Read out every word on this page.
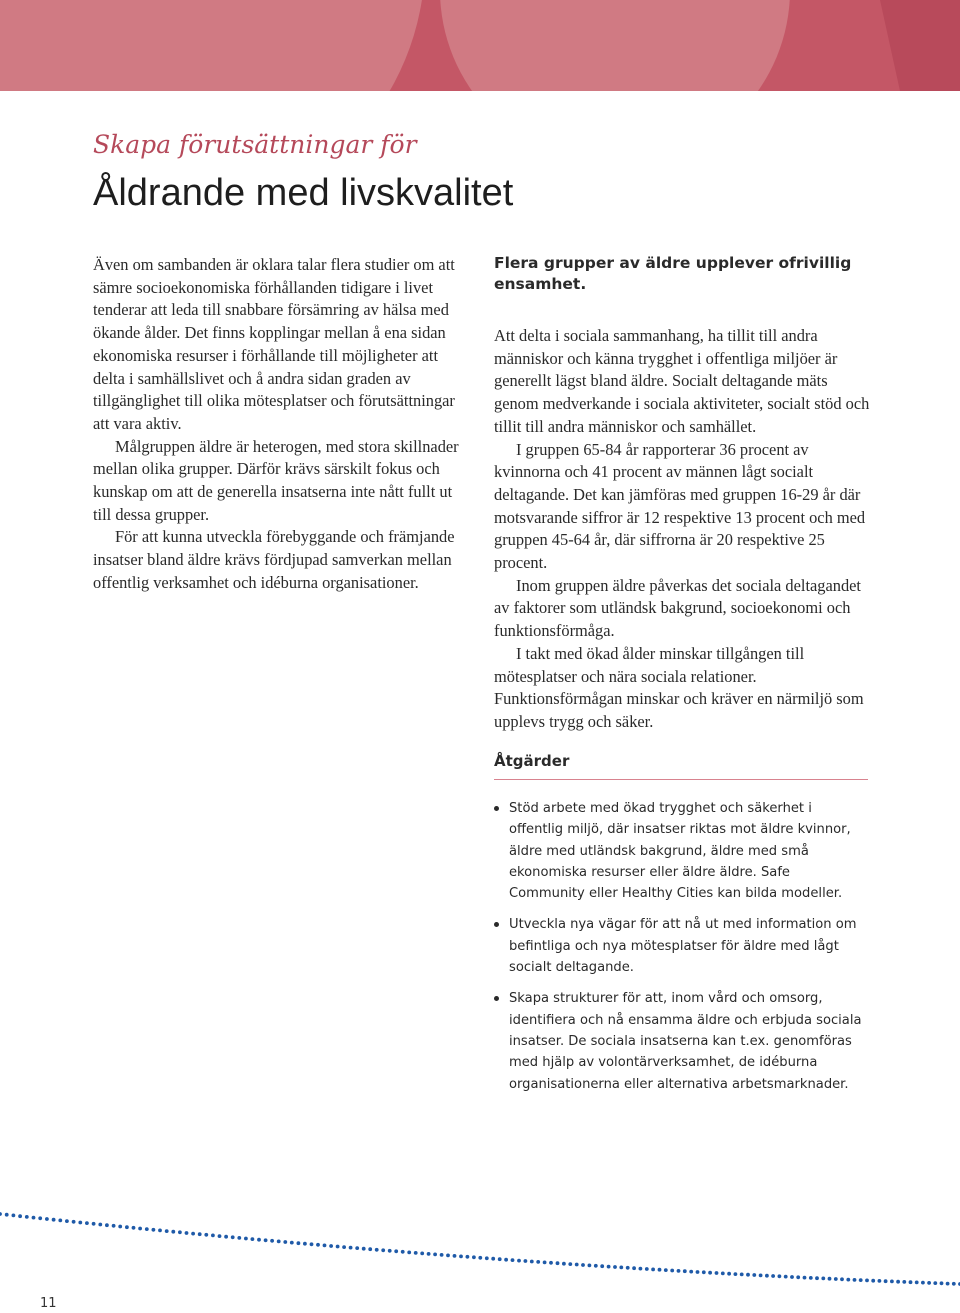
Skapa förutsättningar för

Åldrande med livskvalitet

Även om sambanden är oklara talar flera studier om att sämre socioekonomiska förhållanden tidigare i livet tenderar att leda till snabbare försämring av hälsa med ökande ålder. Det finns kopplingar mellan å ena sidan ekonomiska resurser i förhållande till möjligheter att delta i samhällslivet och å andra sidan graden av tillgänglighet till olika mötesplatser och förutsättningar att vara aktiv.

Målgruppen äldre är heterogen, med stora skillnader mellan olika grupper. Därför krävs särskilt fokus och kunskap om att de generella insatserna inte nått fullt ut till dessa grupper.

För att kunna utveckla förebyggande och främjande insatser bland äldre krävs fördjupad samverkan mellan offentlig verksamhet och idéburna organisationer.

Flera grupper av äldre upplever ofrivillig ensamhet.

Att delta i sociala sammanhang, ha tillit till andra människor och känna trygghet i offentliga miljöer är generellt lägst bland äldre. Socialt deltagande mäts genom medverkande i sociala aktiviteter, socialt stöd och tillit till andra människor och samhället.

I gruppen 65-84 år rapporterar 36 procent av kvinnorna och 41 procent av männen lågt socialt deltagande. Det kan jämföras med gruppen 16-29 år där motsvarande siffror är 12 respektive 13 procent och med gruppen 45-64 år, där siffrorna är 20 respektive 25 procent.

Inom gruppen äldre påverkas det sociala deltagandet av faktorer som utländsk bakgrund, socioekonomi och funktionsförmåga.

I takt med ökad ålder minskar tillgången till mötesplatser och nära sociala relationer. Funktionsförmågan minskar och kräver en närmiljö som upplevs trygg och säker.

Åtgärder
Stöd arbete med ökad trygghet och säkerhet i offentlig miljö, där insatser riktas mot äldre kvinnor, äldre med utländsk bakgrund, äldre med små ekonomiska resurser eller äldre äldre. Safe Community eller Healthy Cities kan bilda modeller.
Utveckla nya vägar för att nå ut med information om befintliga och nya mötesplatser för äldre med lågt socialt deltagande.
Skapa strukturer för att, inom vård och omsorg, identifiera och nå ensamma äldre och erbjuda sociala insatser. De sociala insatserna kan t.ex. genomföras med hjälp av volontärverksamhet, de idéburna organisationerna eller alternativa arbetsmarknader.

11
